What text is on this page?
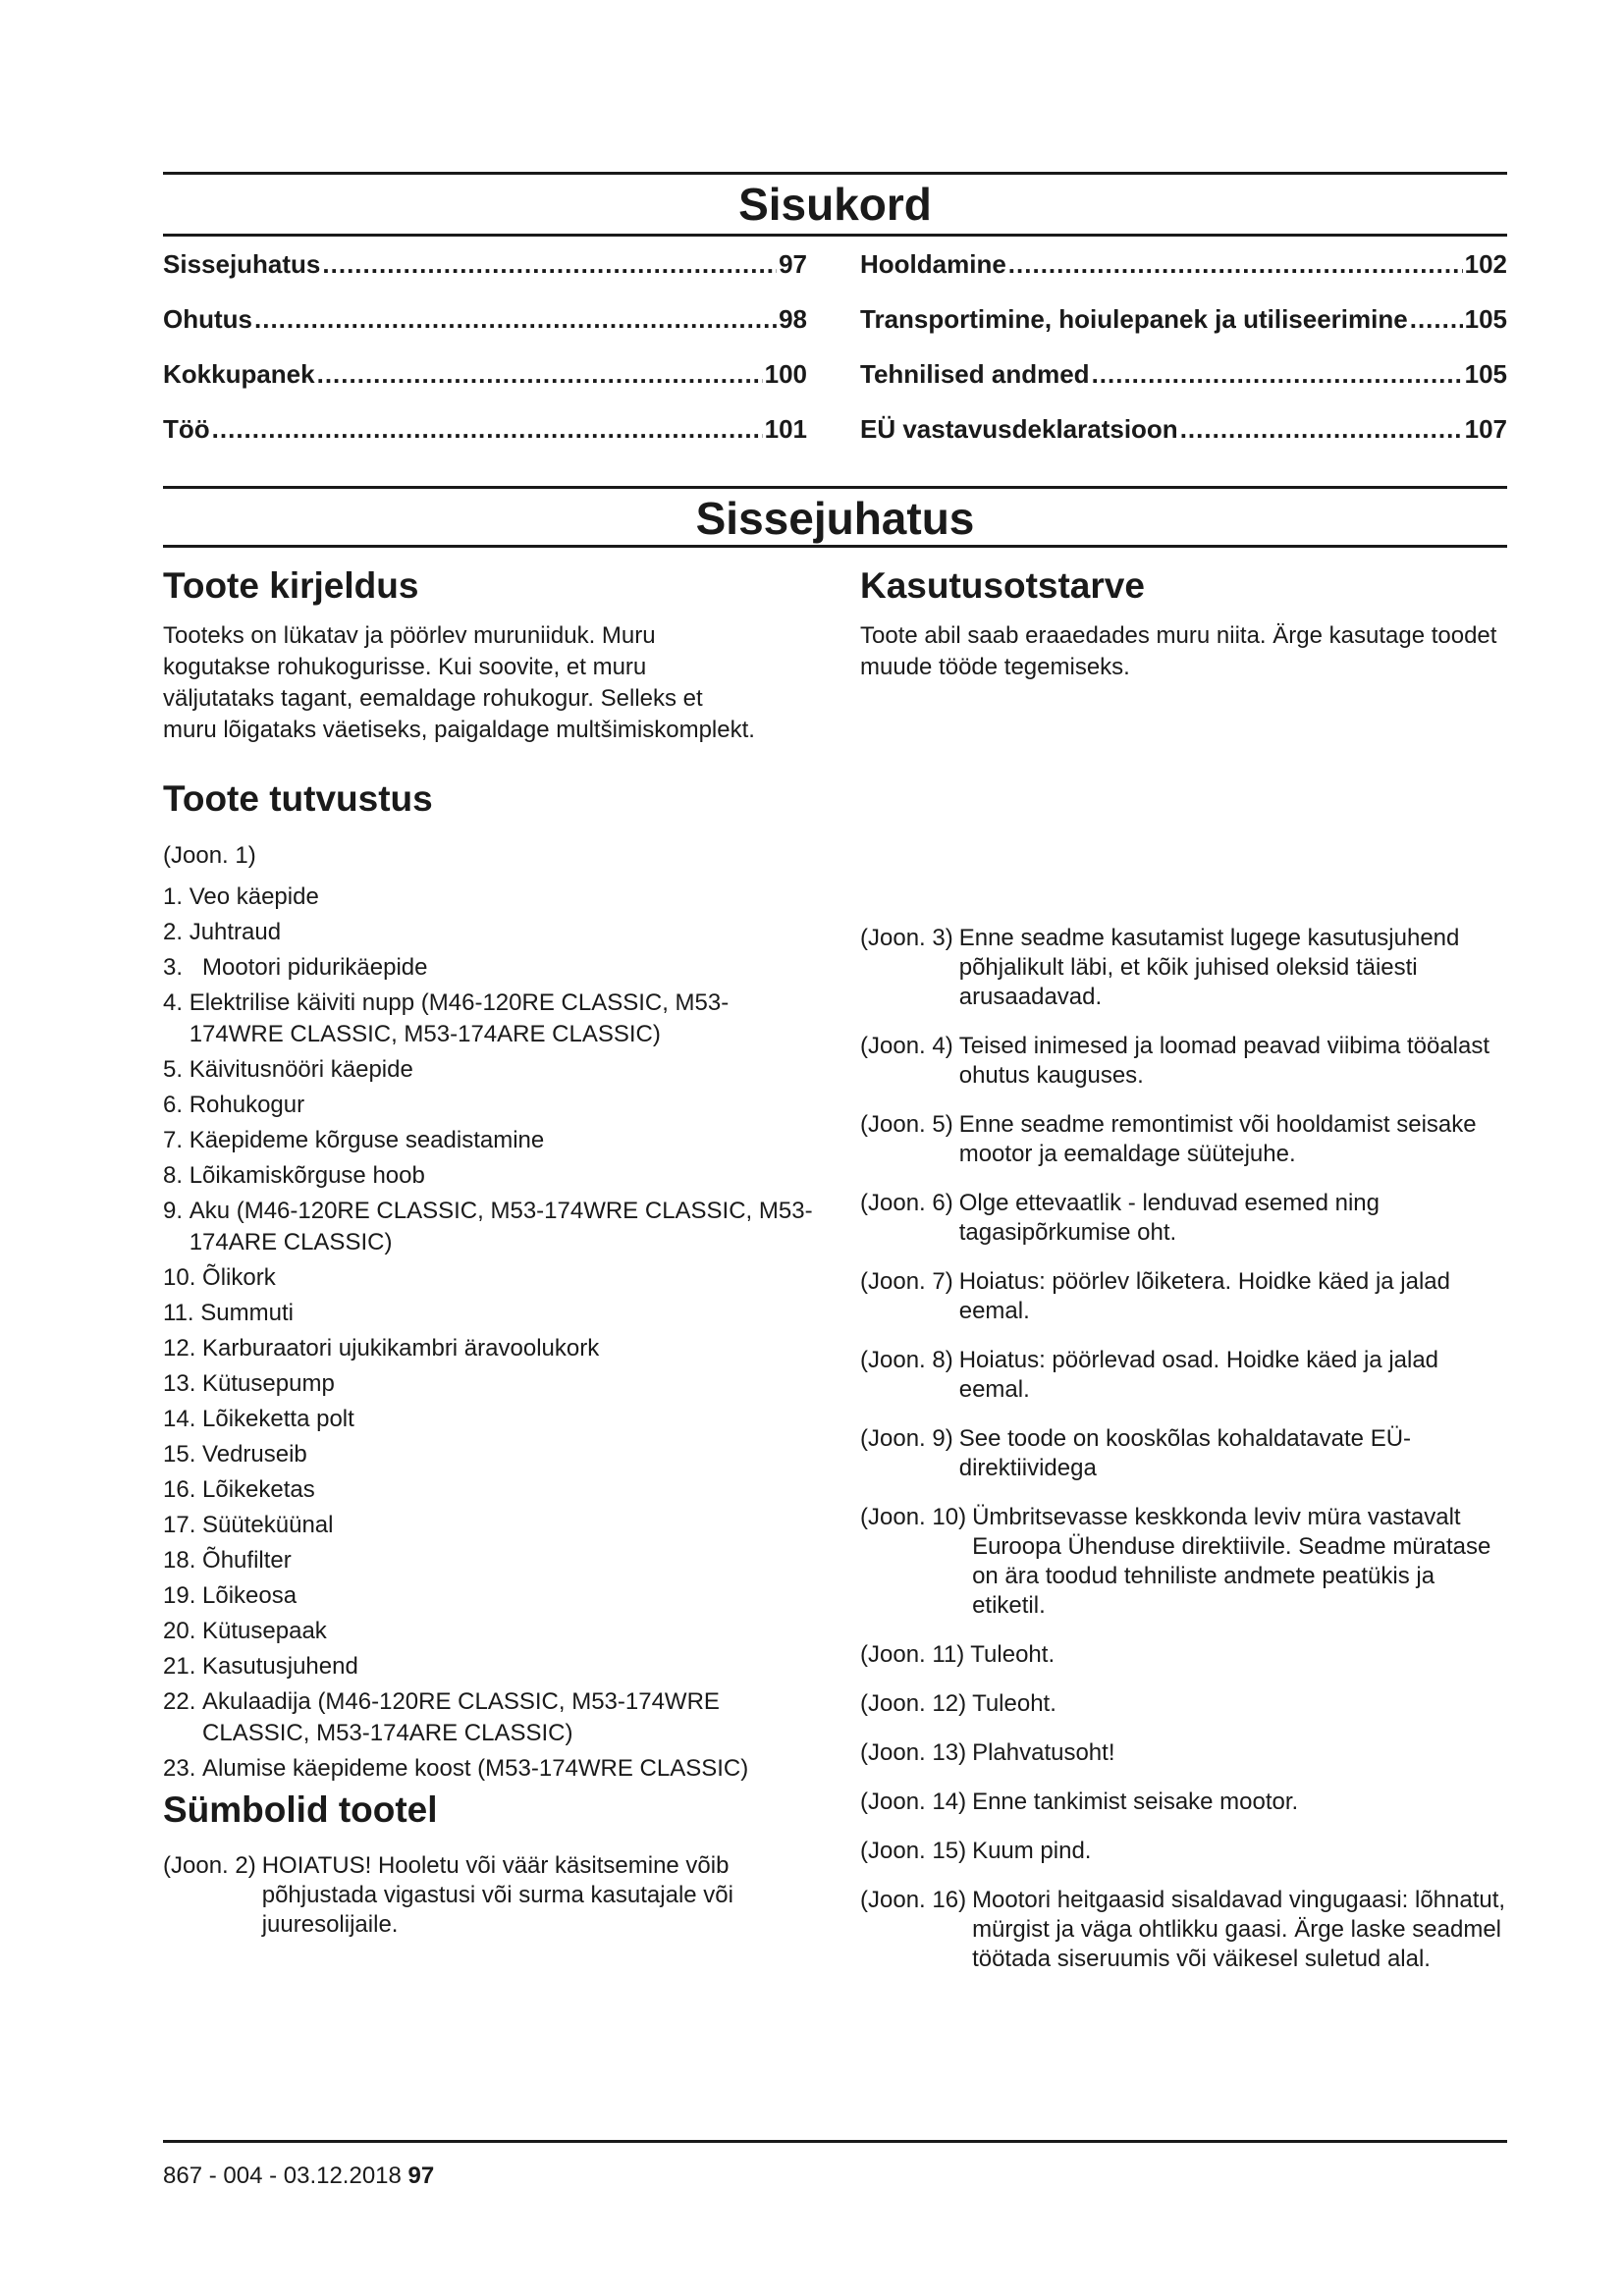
Sisukord
Sissejuhatus .....	97
Ohutus .....	98
Kokkupanek .....	100
Töö .....	101
Hooldamine .....	102
Transportimine, hoiulepanek ja utiliseerimine ..... 105
Tehnilised andmed .....	105
EÜ vastavusdeklaratsioon .....	107
Sissejuhatus
Toote kirjeldus

Tooteks on lükatav ja pöörlev muruniiduk. Muru kogutakse rohukogurisse. Kui soovite, et muru väljutataks tagant, eemaldage rohukogur. Selleks et muru lõigataks väetiseks, paigaldage multšimiskomplekt.

Toote tutvustus

(Joon. 1)

1. Veo käepide
2. Juhtraud
3. Mootori pidurikäepide
4. Elektrilise käiviti nupp (M46-120RE CLASSIC, M53-174WRE CLASSIC, M53-174ARE CLASSIC)
5. Käivitusnööri käepide
6. Rohukogur
7. Käepideme kõrguse seadistamine
8. Lõikamiskõrguse hoob
9. Aku (M46-120RE CLASSIC, M53-174WRE CLASSIC, M53-174ARE CLASSIC)
10. Õlikork
11. Summuti
12. Karburaatori ujukikambri äravoolukork
13. Kütusepump
14. Lõikeketta polt
15. Vedruseib
16. Lõikeketas
17. Süüteküünal
18. Õhufilter
19. Lõikeosa
20. Kütusepaak
21. Kasutusjuhend
22. Akulaadija (M46-120RE CLASSIC, M53-174WRE CLASSIC, M53-174ARE CLASSIC)
23. Alumise käepideme koost (M53-174WRE CLASSIC)
Sümbolid tootel
(Joon. 2) HOIATUS! Hooletu või väär käsitsemine võib põhjustada vigastusi või surma kasutajale või juuresolijaile.
Kasutusotstarve

Toote abil saab eraaedades muru niita. Ärge kasutage toodet muude tööde tegemiseks.

(Joon. 3) Enne seadme kasutamist lugege kasutusjuhend põhjalikult läbi, et kõik juhised oleksid täiesti arusaadavad.
(Joon. 4) Teised inimesed ja loomad peavad viibima tööalast ohutus kauguses.
(Joon. 5) Enne seadme remontimist või hooldamist seisake mootor ja eemaldage süütejuhe.
(Joon. 6) Olge ettevaatlik - lenduvad esemed ning tagasipõrkumise oht.
(Joon. 7) Hoiatus: pöörlev lõiketera. Hoidke käed ja jalad eemal.
(Joon. 8) Hoiatus: pöörlevad osad. Hoidke käed ja jalad eemal.
(Joon. 9) See toode on kooskõlas kohaldatavate EÜ-direktiividega
(Joon. 10) Ümbritsevasse keskkonda leviv müra vastavalt Euroopa Ühenduse direktiivile. Seadme müratase on ära toodud tehniliste andmete peatükis ja etiketil.
(Joon. 11) Tuleoht.
(Joon. 12) Tuleoht.
(Joon. 13) Plahvatusoht!
(Joon. 14) Enne tankimist seisake mootor.
(Joon. 15) Kuum pind.
(Joon. 16) Mootori heitgaasid sisaldavad vingugaasi: lõhnatut, mürgist ja väga ohtlikku gaasi. Ärge laske seadmel töötada siseruumis või väikesel suletud alal.
867 - 004 - 03.12.2018 97
